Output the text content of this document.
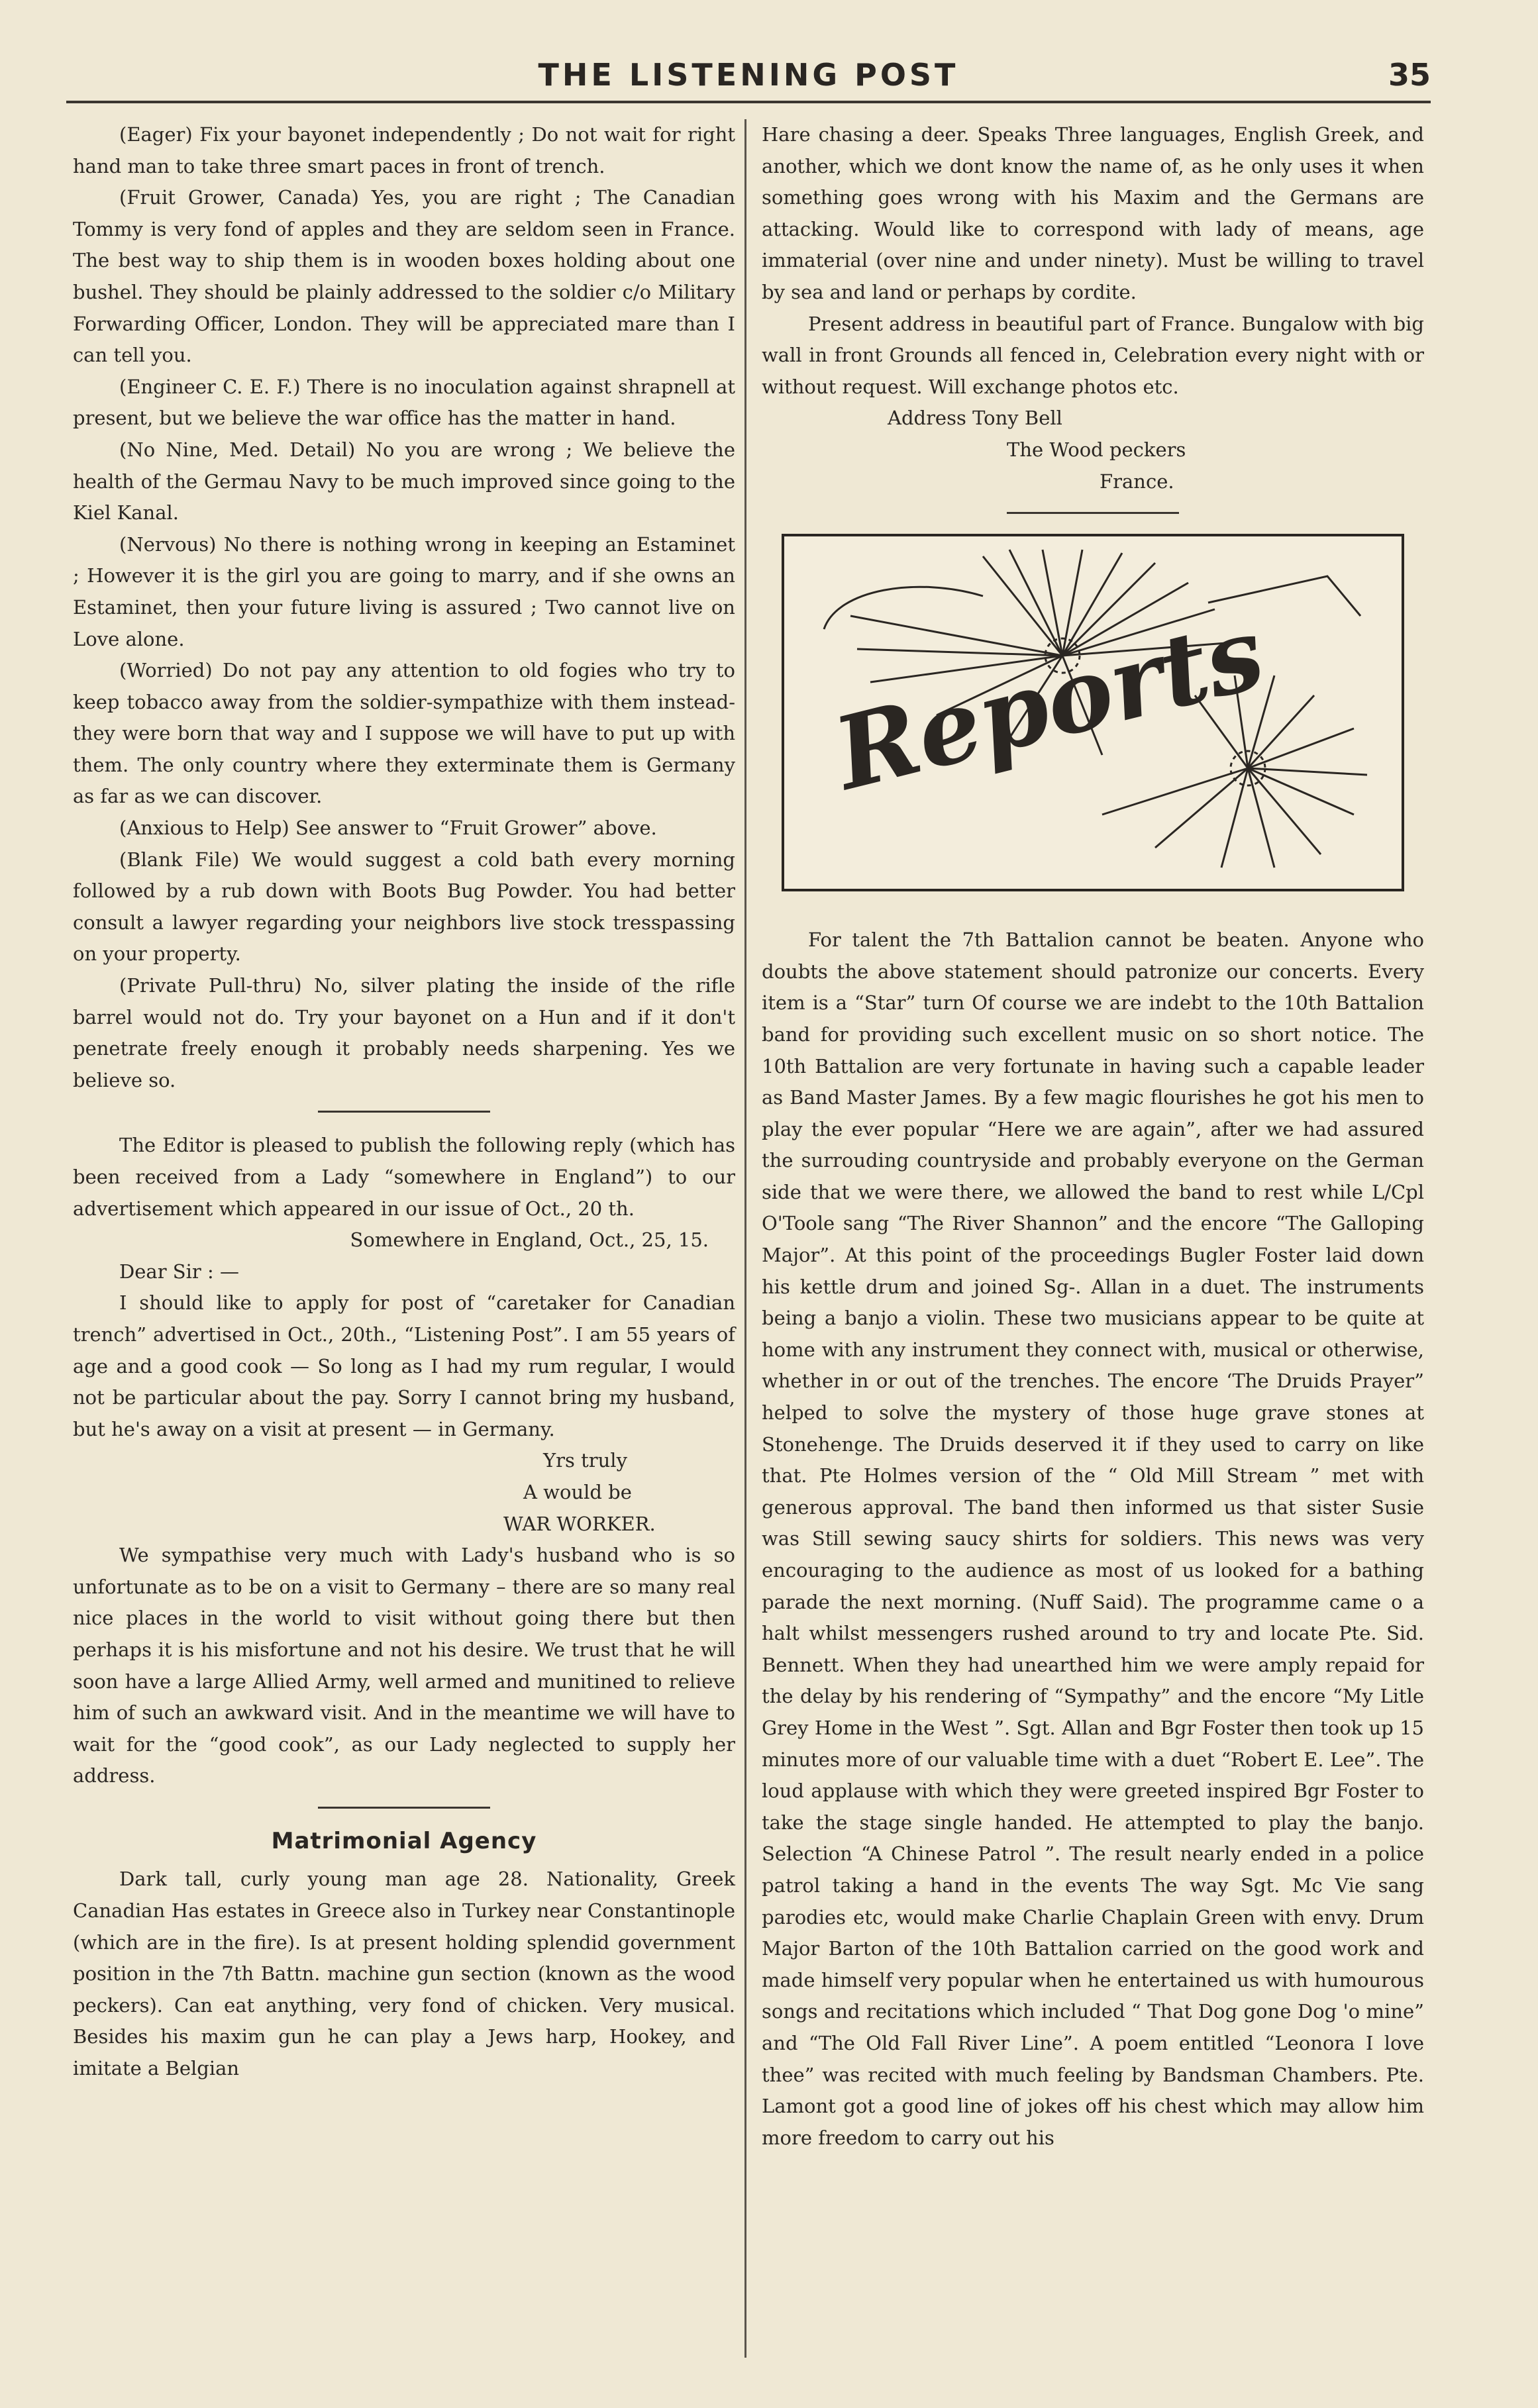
THE LISTENING POST	35

(Eager) Fix your bayonet independently ; Do not wait for right hand man to take three smart paces in front of trench.

(Fruit Grower, Canada) Yes, you are right ; The Canadian Tommy is very fond of apples and they are seldom seen in France. The best way to ship them is in wooden boxes holding about one bushel. They should be plainly addressed to the soldier c/o Military Forwarding Officer, London. They will be appreciated mare than I can tell you.

(Engineer C. E. F.) There is no inoculation against shrapnell at present, but we believe the war office has the matter in hand.

(No Nine, Med. Detail) No you are wrong ; We believe the health of the Germau Navy to be much improved since going to the Kiel Kanal.

(Nervous) No there is nothing wrong in keeping an Estaminet ; However it is the girl you are going to marry, and if she owns an Estaminet, then your future living is assured ; Two cannot live on Love alone.

(Worried) Do not pay any attention to old fogies who try to keep tobacco away from the soldier-sympathize with them instead-they were born that way and I suppose we will have to put up with them. The only country where they exterminate them is Germany as far as we can discover.

(Anxious to Help) See answer to “Fruit Grower” above.

(Blank File) We would suggest a cold bath every morning followed by a rub down with Boots Bug Powder. You had better consult a lawyer regarding your neighbors live stock tresspassing on your property.

(Private Pull-thru) No, silver plating the inside of the rifle barrel would not do. Try your bayonet on a Hun and if it don't penetrate freely enough it probably needs sharpening. Yes we believe so.

The Editor is pleased to publish the following reply (which has been received from a Lady “somewhere in England”) to our advertisement which appeared in our issue of Oct., 20 th.

Somewhere in England, Oct., 25, 15.

Dear Sir : —

I should like to apply for post of “caretaker for Canadian trench” advertised in Oct., 20th., “Listening Post”. I am 55 years of age and a good cook — So long as I had my rum regular, I would not be particular about the pay. Sorry I cannot bring my husband, but he's away on a visit at present — in Germany.

Yrs truly

A would be

WAR WORKER.

We sympathise very much with Lady's husband who is so unfortunate as to be on a visit to Germany – there are so many real nice places in the world to visit without going there but then perhaps it is his misfortune and not his desire. We trust that he will soon have a large Allied Army, well armed and munitined to relieve him of such an awkward visit. And in the meantime we will have to wait for the “good cook”, as our Lady neglected to supply her address.

Matrimonial Agency

Dark tall, curly young man age 28. Nationality, Greek Canadian Has estates in Greece also in Turkey near Constantinople (which are in the fire). Is at present holding splendid government position in the 7th Battn. machine gun section (known as the wood peckers). Can eat anything, very fond of chicken. Very musical. Besides his maxim gun he can play a Jews harp, Hookey, and imitate a Belgian

Hare chasing a deer. Speaks Three languages, English Greek, and another, which we dont know the name of, as he only uses it when something goes wrong with his Maxim and the Germans are attacking. Would like to correspond with lady of means, age immaterial (over nine and under ninety). Must be willing to travel by sea and land or perhaps by cordite.

Present address in beautiful part of France. Bungalow with big wall in front Grounds all fenced in, Celebration every night with or without request. Will exchange photos etc.

Address Tony Bell

The Wood peckers

France.

Reports

For talent the 7th Battalion cannot be beaten. Anyone who doubts the above statement should patronize our concerts. Every item is a “Star” turn Of course we are indebt to the 10th Battalion band for providing such excellent music on so short notice. The 10th Battalion are very fortunate in having such a capable leader as Band Master James. By a few magic flourishes he got his men to play the ever popular “Here we are again”, after we had assured the surrouding countryside and probably everyone on the German side that we were there, we allowed the band to rest while L/Cpl O'Toole sang “The River Shannon” and the encore “The Galloping Major”. At this point of the proceedings Bugler Foster laid down his kettle drum and joined Sg-. Allan in a duet. The instruments being a banjo a violin. These two musicians appear to be quite at home with any instrument they connect with, musical or otherwise, whether in or out of the trenches. The encore ‘The Druids Prayer” helped to solve the mystery of those huge grave stones at Stonehenge. The Druids deserved it if they used to carry on like that. Pte Holmes version of the “ Old Mill Stream ” met with generous approval. The band then informed us that sister Susie was Still sewing saucy shirts for soldiers. This news was very encouraging to the audience as most of us looked for a bathing parade the next morning. (Nuff Said). The programme came o a halt whilst messengers rushed around to try and locate Pte. Sid. Bennett. When they had unearthed him we were amply repaid for the delay by his rendering of “Sympathy” and the encore “My Litle Grey Home in the West ”. Sgt. Allan and Bgr Foster then took up 15 minutes more of our valuable time with a duet “Robert E. Lee”. The loud applause with which they were greeted inspired Bgr Foster to take the stage single handed. He attempted to play the banjo. Selection “A Chinese Patrol ”. The result nearly ended in a police patrol taking a hand in the events The way Sgt. Mc Vie sang parodies etc, would make Charlie Chaplain Green with envy. Drum Major Barton of the 10th Battalion carried on the good work and made himself very popular when he entertained us with humourous songs and recitations which included “ That Dog gone Dog 'o mine” and “The Old Fall River Line”. A poem entitled “Leonora I love thee” was recited with much feeling by Bandsman Chambers. Pte. Lamont got a good line of jokes off his chest which may allow him more freedom to carry out his
